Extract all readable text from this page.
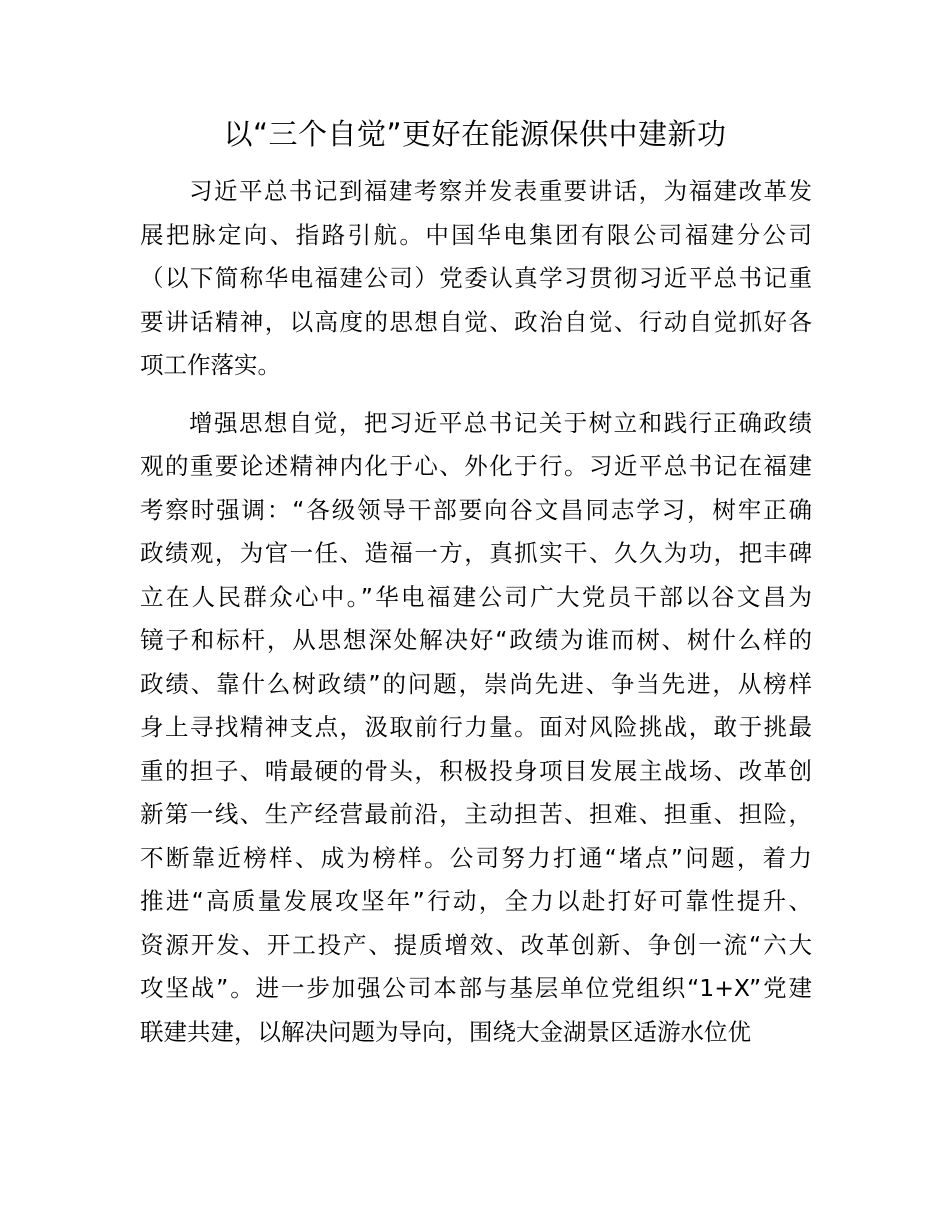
以“三个自觉”更好在能源保供中建新功

习近平总书记到福建考察并发表重要讲话，为福建改革发
展把脉定向、指路引航。中国华电集团有限公司福建分公司
（以下简称华电福建公司）党委认真学习贯彻习近平总书记重
要讲话精神，以高度的思想自觉、政治自觉、行动自觉抓好各
项工作落实。

增强思想自觉，把习近平总书记关于树立和践行正确政绩
观的重要论述精神内化于心、外化于行。习近平总书记在福建
考察时强调：“各级领导干部要向谷文昌同志学习，树牢正确
政绩观，为官一任、造福一方，真抓实干、久久为功，把丰碑
立在人民群众心中。”华电福建公司广大党员干部以谷文昌为
镜子和标杆，从思想深处解决好“政绩为谁而树、树什么样的
政绩、靠什么树政绩”的问题，崇尚先进、争当先进，从榜样
身上寻找精神支点，汲取前行力量。面对风险挑战，敢于挑最
重的担子、啃最硬的骨头，积极投身项目发展主战场、改革创
新第一线、生产经营最前沿，主动担苦、担难、担重、担险，
不断靠近榜样、成为榜样。公司努力打通“堵点”问题，着力
推进“高质量发展攻坚年”行动，全力以赴打好可靠性提升、
资源开发、开工投产、提质增效、改革创新、争创一流“六大
攻坚战”。进一步加强公司本部与基层单位党组织“1+X”党建
联建共建，以解决问题为导向，围绕大金湖景区适游水位优
